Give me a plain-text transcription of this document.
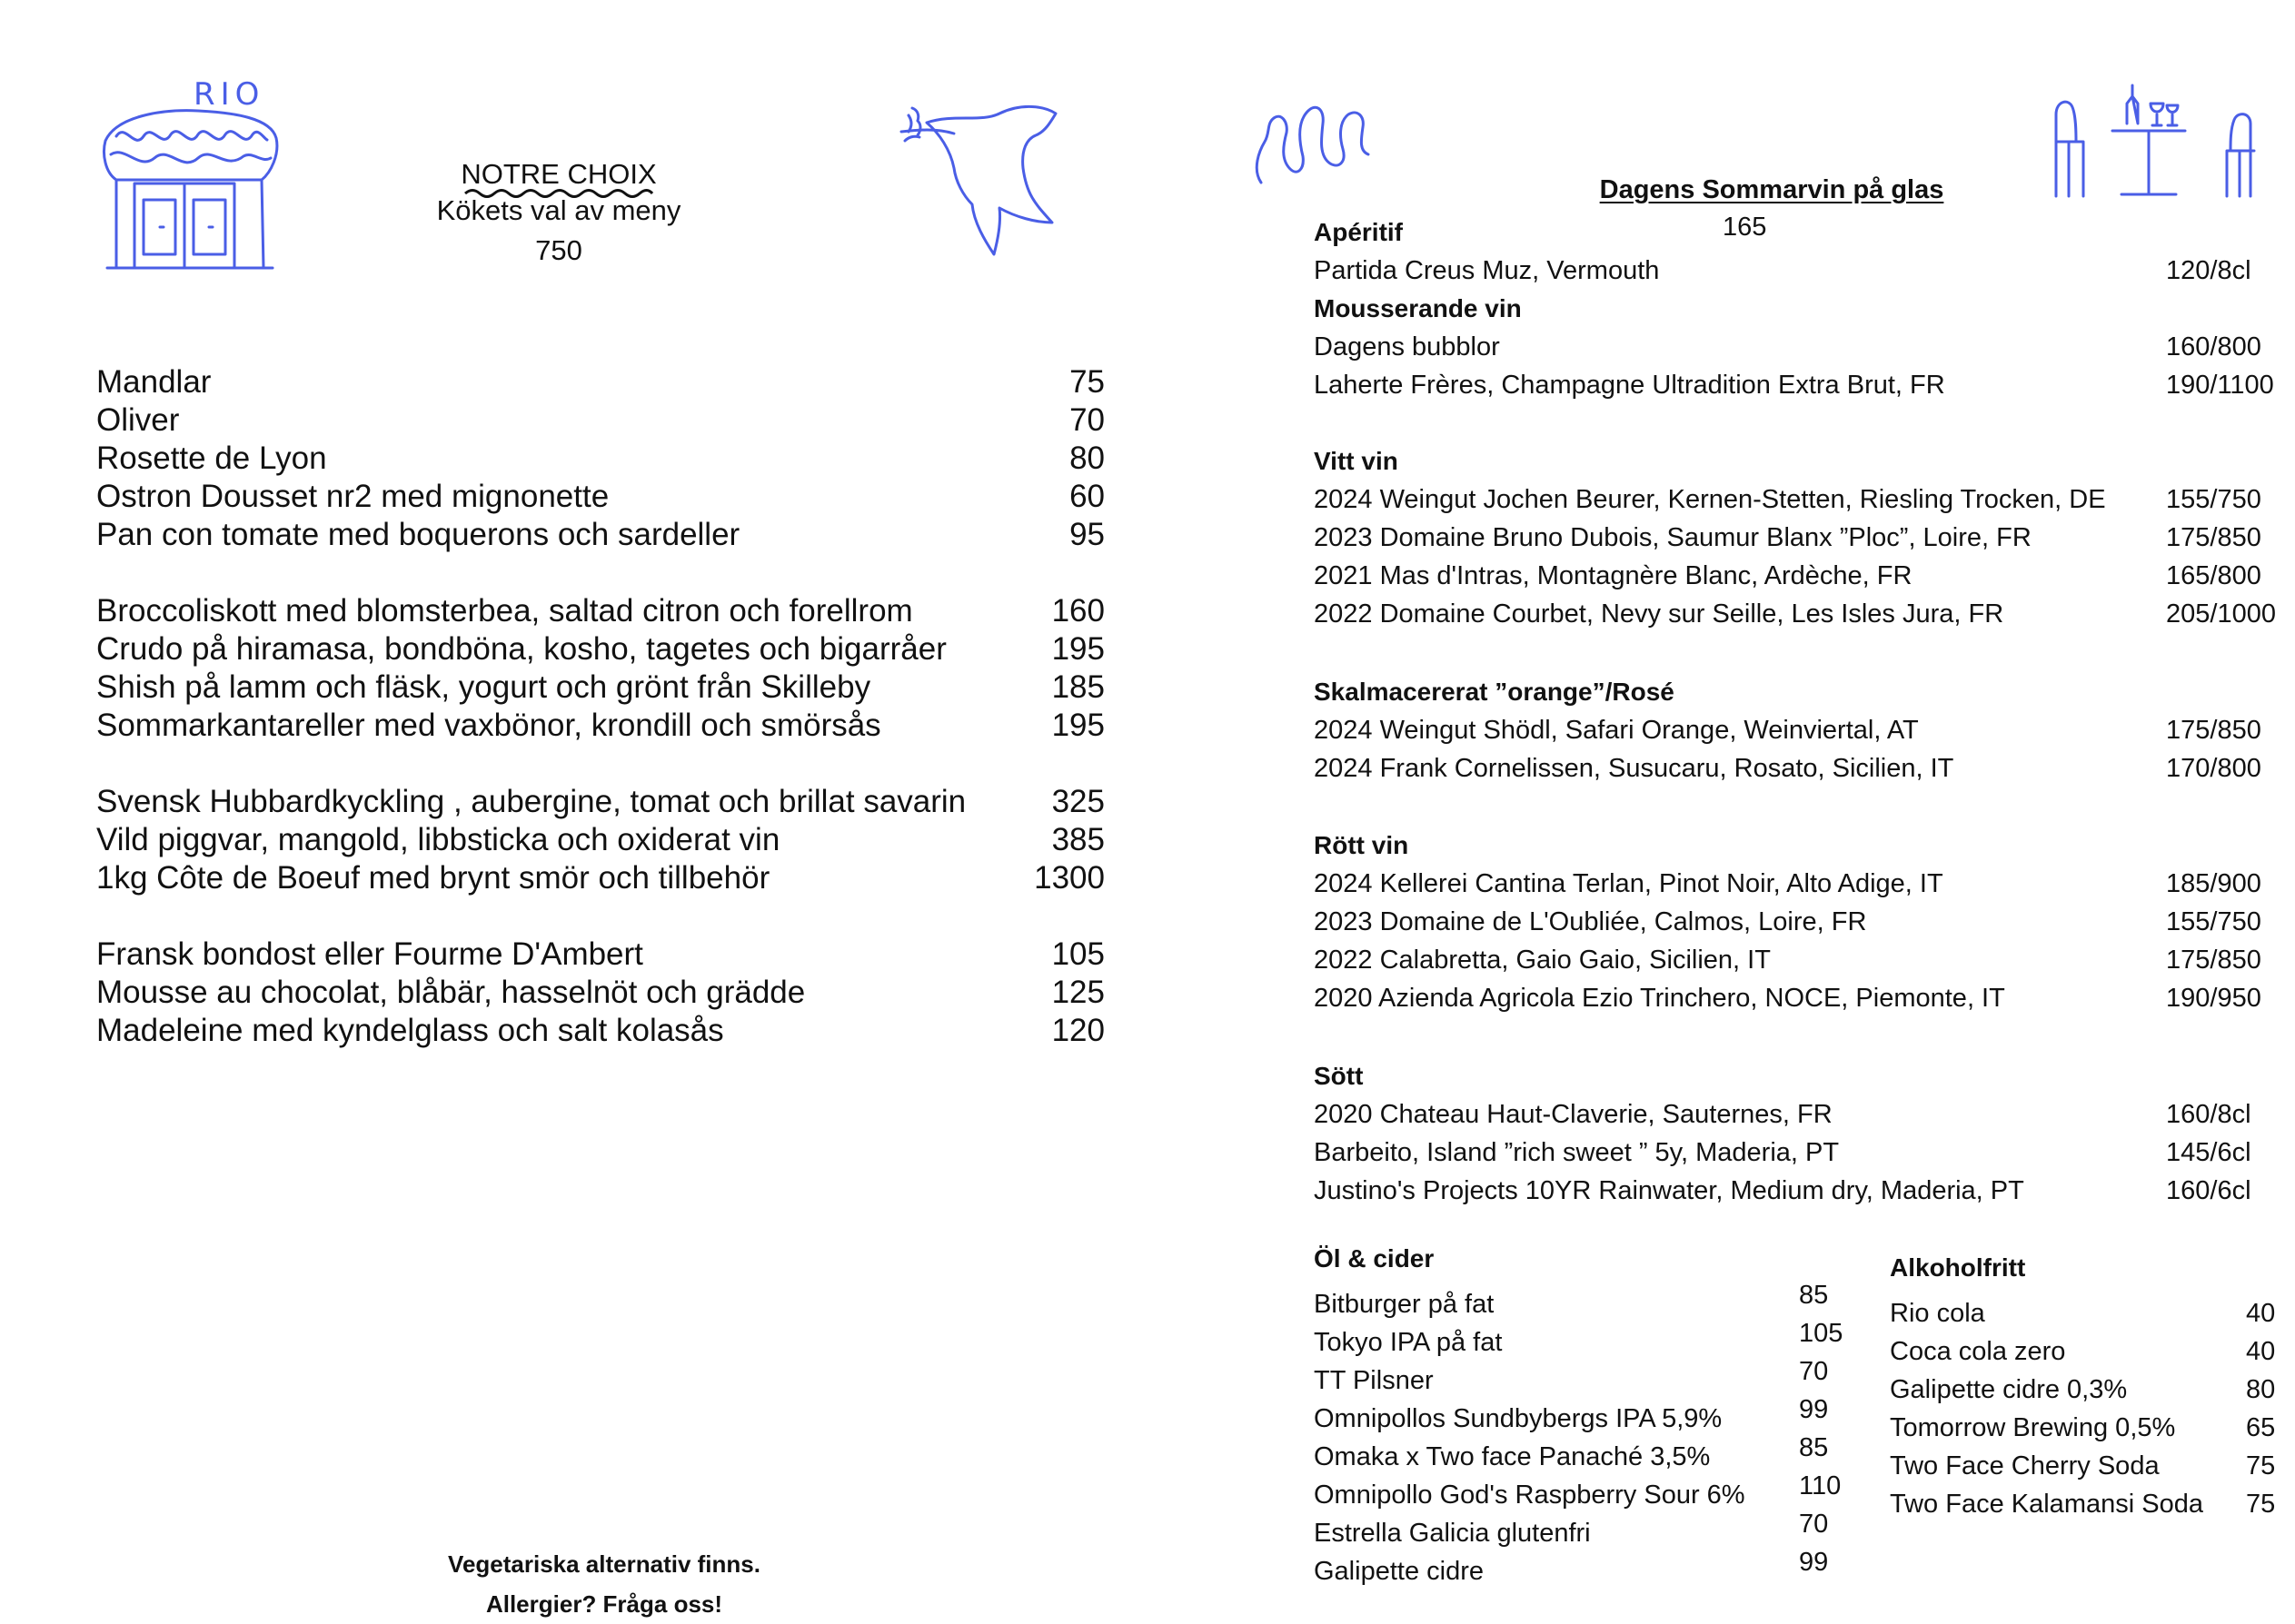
RIO
NOTRE CHOIX
Kökets val av meny
750
Mandlar	75
Oliver	70
Rosette de Lyon	80
Ostron Dousset nr2 med mignonette	60
Pan con tomate med boquerons och sardeller	95
Broccoliskott med blomsterbea, saltad citron och forellrom	160
Crudo på hiramasa, bondböna, kosho, tagetes och bigarråer	195
Shish på lamm och fläsk, yogurt och grönt från Skilleby	185
Sommarkantareller med vaxbönor, krondill och smörsås	195
Svensk Hubbardkyckling , aubergine, tomat och brillat savarin	325
Vild piggvar, mangold, libbsticka och oxiderat vin	385
1kg Côte de Boeuf med brynt smör och tillbehör	1300
Fransk bondost eller Fourme D'Ambert	105
Mousse au chocolat, blåbär, hasselnöt och grädde	125
Madeleine med kyndelglass och salt kolasås	120
Vegetariska alternativ finns.
Allergier? Fråga oss!
Dagens Sommarvin på glas
165
Apéritif
Partida Creus Muz, Vermouth	120/8cl
Mousserande vin
Dagens bubblor	160/800
Laherte Frères, Champagne Ultradition Extra Brut, FR	190/1100
Vitt vin
2024 Weingut Jochen Beurer, Kernen-Stetten, Riesling Trocken, DE 155/750
2023 Domaine Bruno Dubois, Saumur Blanx ”Ploc”, Loire, FR	175/850
2021 Mas d'Intras, Montagnère Blanc, Ardèche, FR	165/800
2022 Domaine Courbet, Nevy sur Seille, Les Isles Jura, FR	205/1000
Skalmacererat ”orange”/Rosé
2024 Weingut Shödl, Safari Orange, Weinviertal, AT	175/850
2024 Frank Cornelissen, Susucaru, Rosato, Sicilien, IT	170/800
Rött vin
2024 Kellerei Cantina Terlan, Pinot Noir, Alto Adige, IT	185/900
2023 Domaine de L'Oubliée, Calmos, Loire, FR	155/750
2022 Calabretta, Gaio Gaio, Sicilien, IT	175/850
2020 Azienda Agricola Ezio Trinchero, NOCE, Piemonte, IT	190/950
Sött
2020 Chateau Haut-Claverie, Sauternes, FR	160/8cl
Barbeito, Island ”rich sweet ” 5y, Maderia, PT	145/6cl
Justino's Projects 10YR Rainwater, Medium dry, Maderia, PT	160/6cl
Öl & cider
Bitburger på fat	85
Tokyo IPA på fat	105
TT Pilsner	70
Omnipollos Sundbybergs IPA 5,9%	99
Omaka x Two face Panaché 3,5%	85
Omnipollo God's Raspberry Sour 6% 110
Estrella Galicia glutenfri	70
Galipette cidre	99
Alkoholfritt
Rio cola	40
Coca cola zero	40
Galipette cidre 0,3%	80
Tomorrow Brewing 0,5%	65
Two Face Cherry Soda	75
Two Face Kalamansi Soda 75
